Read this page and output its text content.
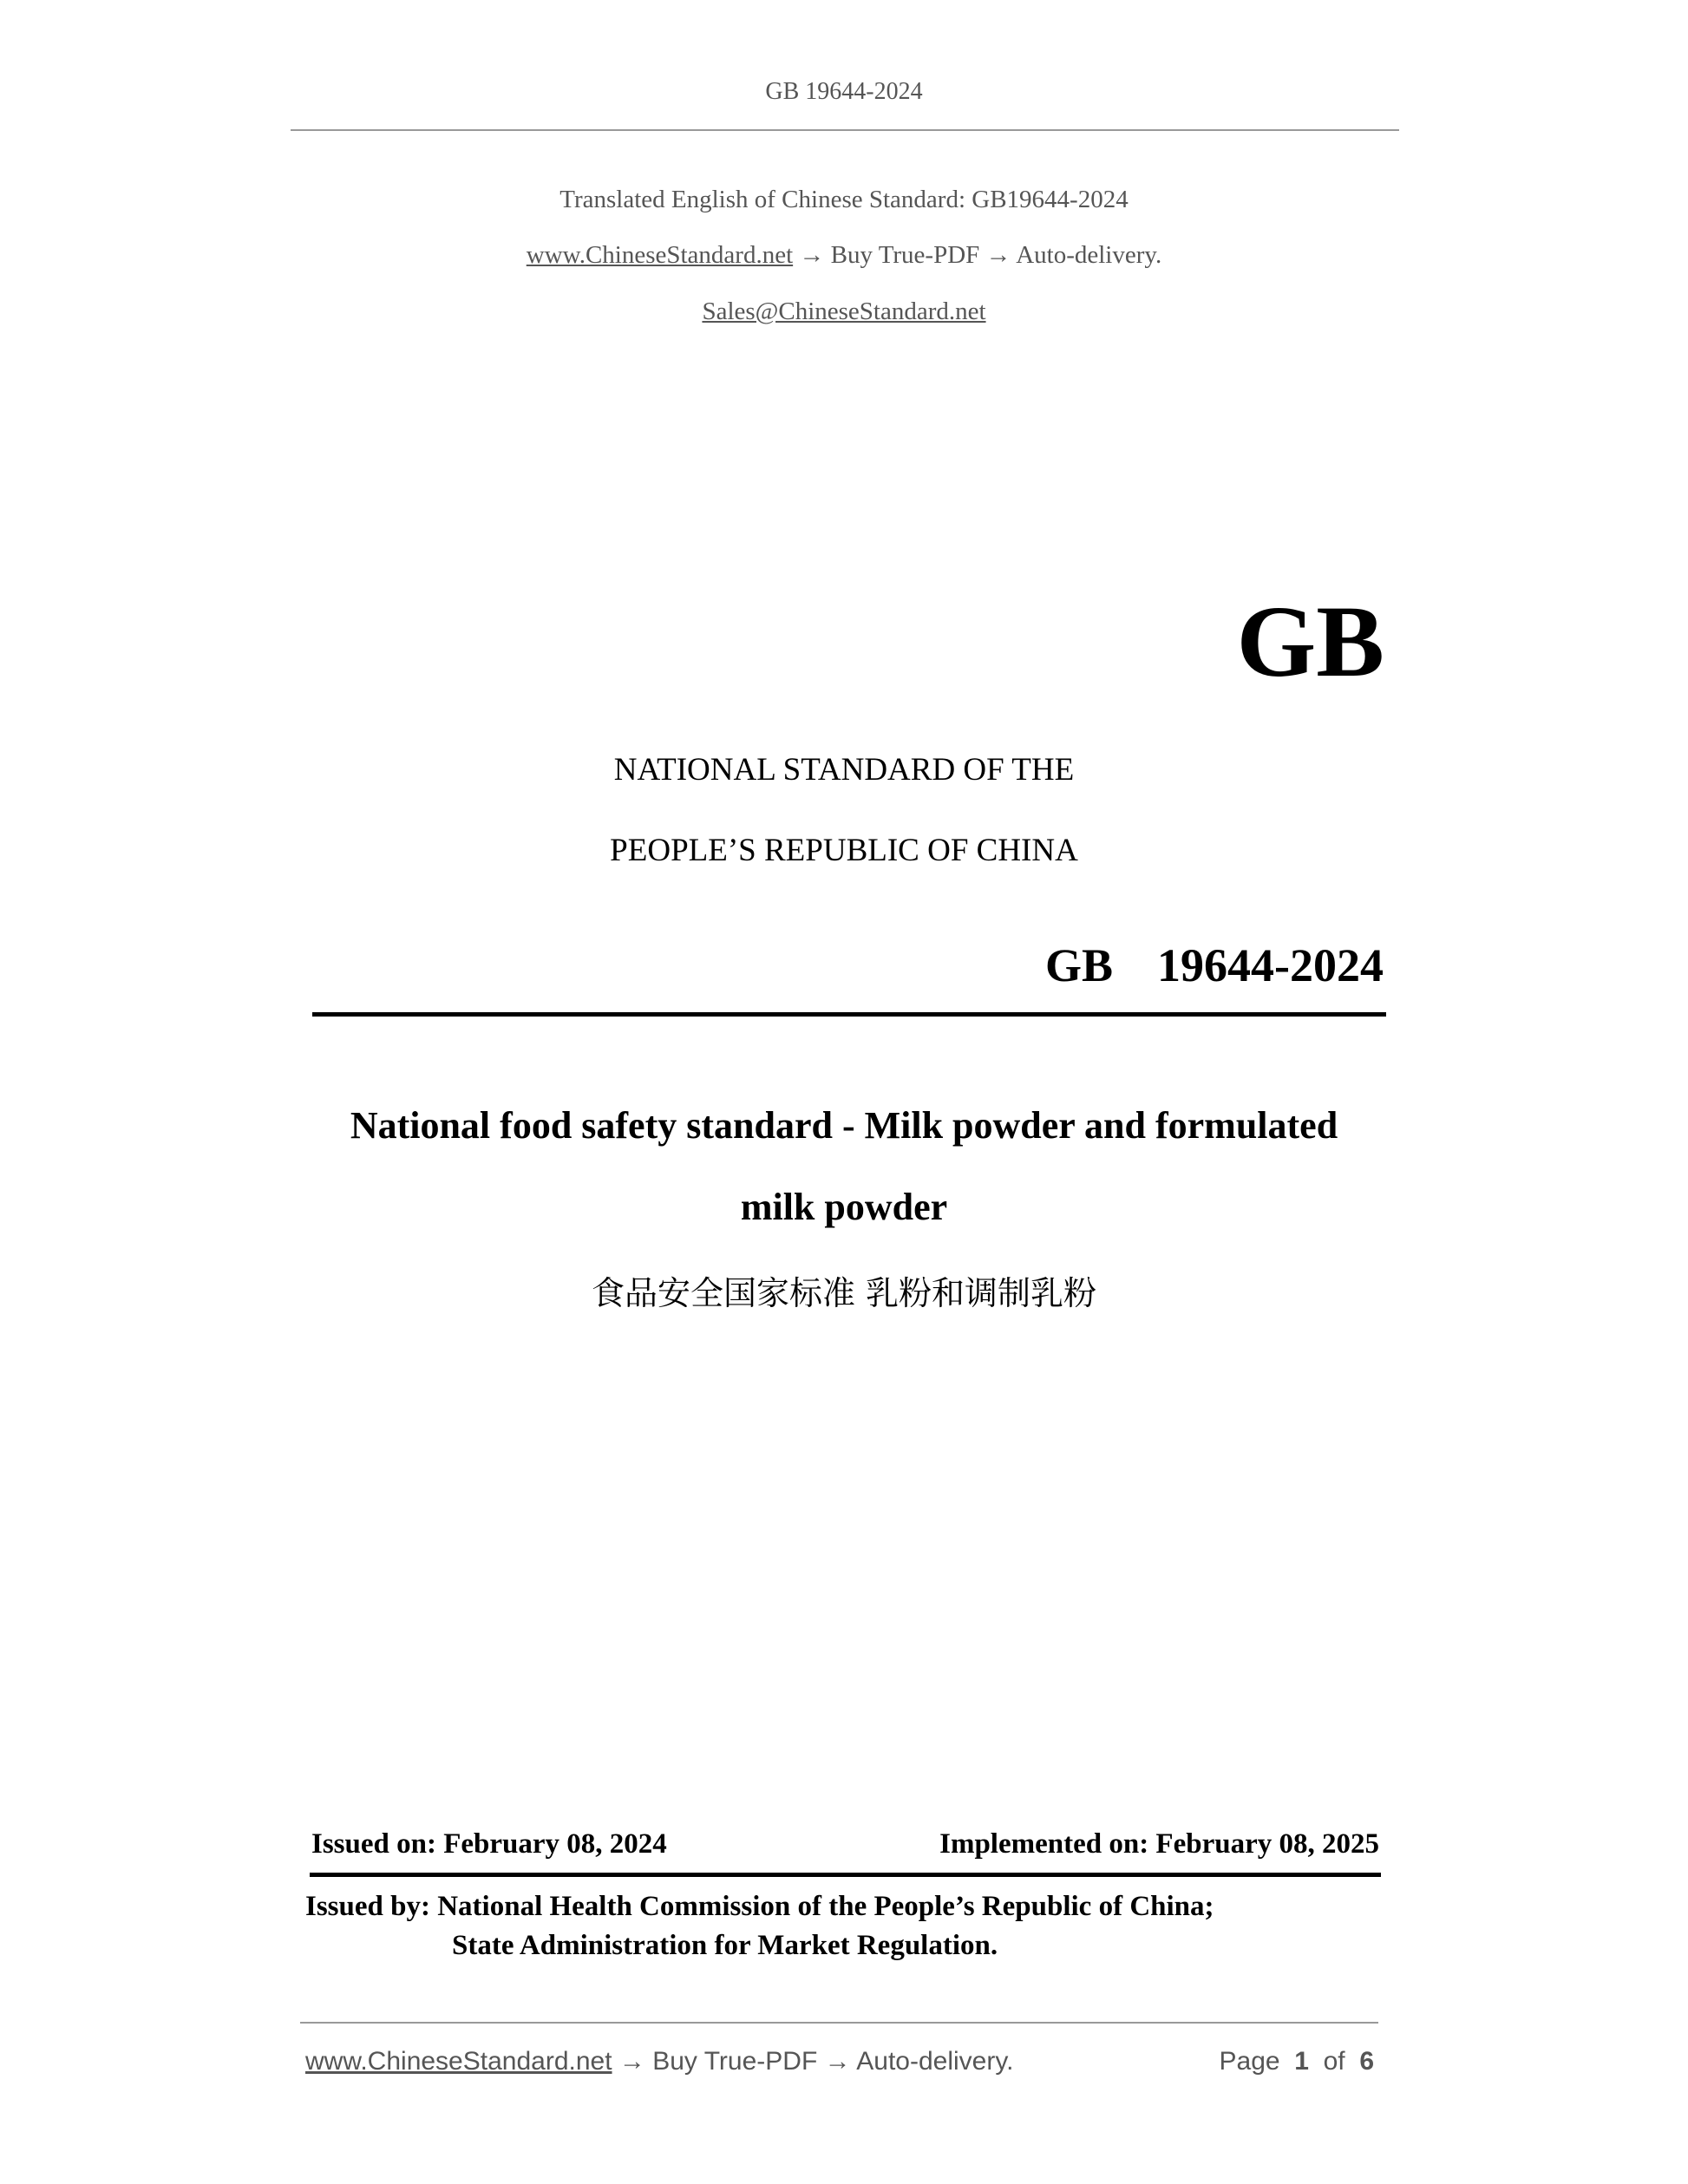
GB 19644-2024
Translated English of Chinese Standard: GB19644-2024
www.ChineseStandard.net → Buy True-PDF → Auto-delivery.
Sales@ChineseStandard.net
GB
NATIONAL STANDARD OF THE
PEOPLE’S REPUBLIC OF CHINA
GB  19644-2024
National food safety standard - Milk powder and formulated
milk powder
食品安全国家标准 乳粉和调制乳粉
Issued on: February 08, 2024	Implemented on: February 08, 2025
Issued by: National Health Commission of the People’s Republic of China;
State Administration for Market Regulation.
www.ChineseStandard.net → Buy True-PDF → Auto-delivery.	Page 1 of 6
